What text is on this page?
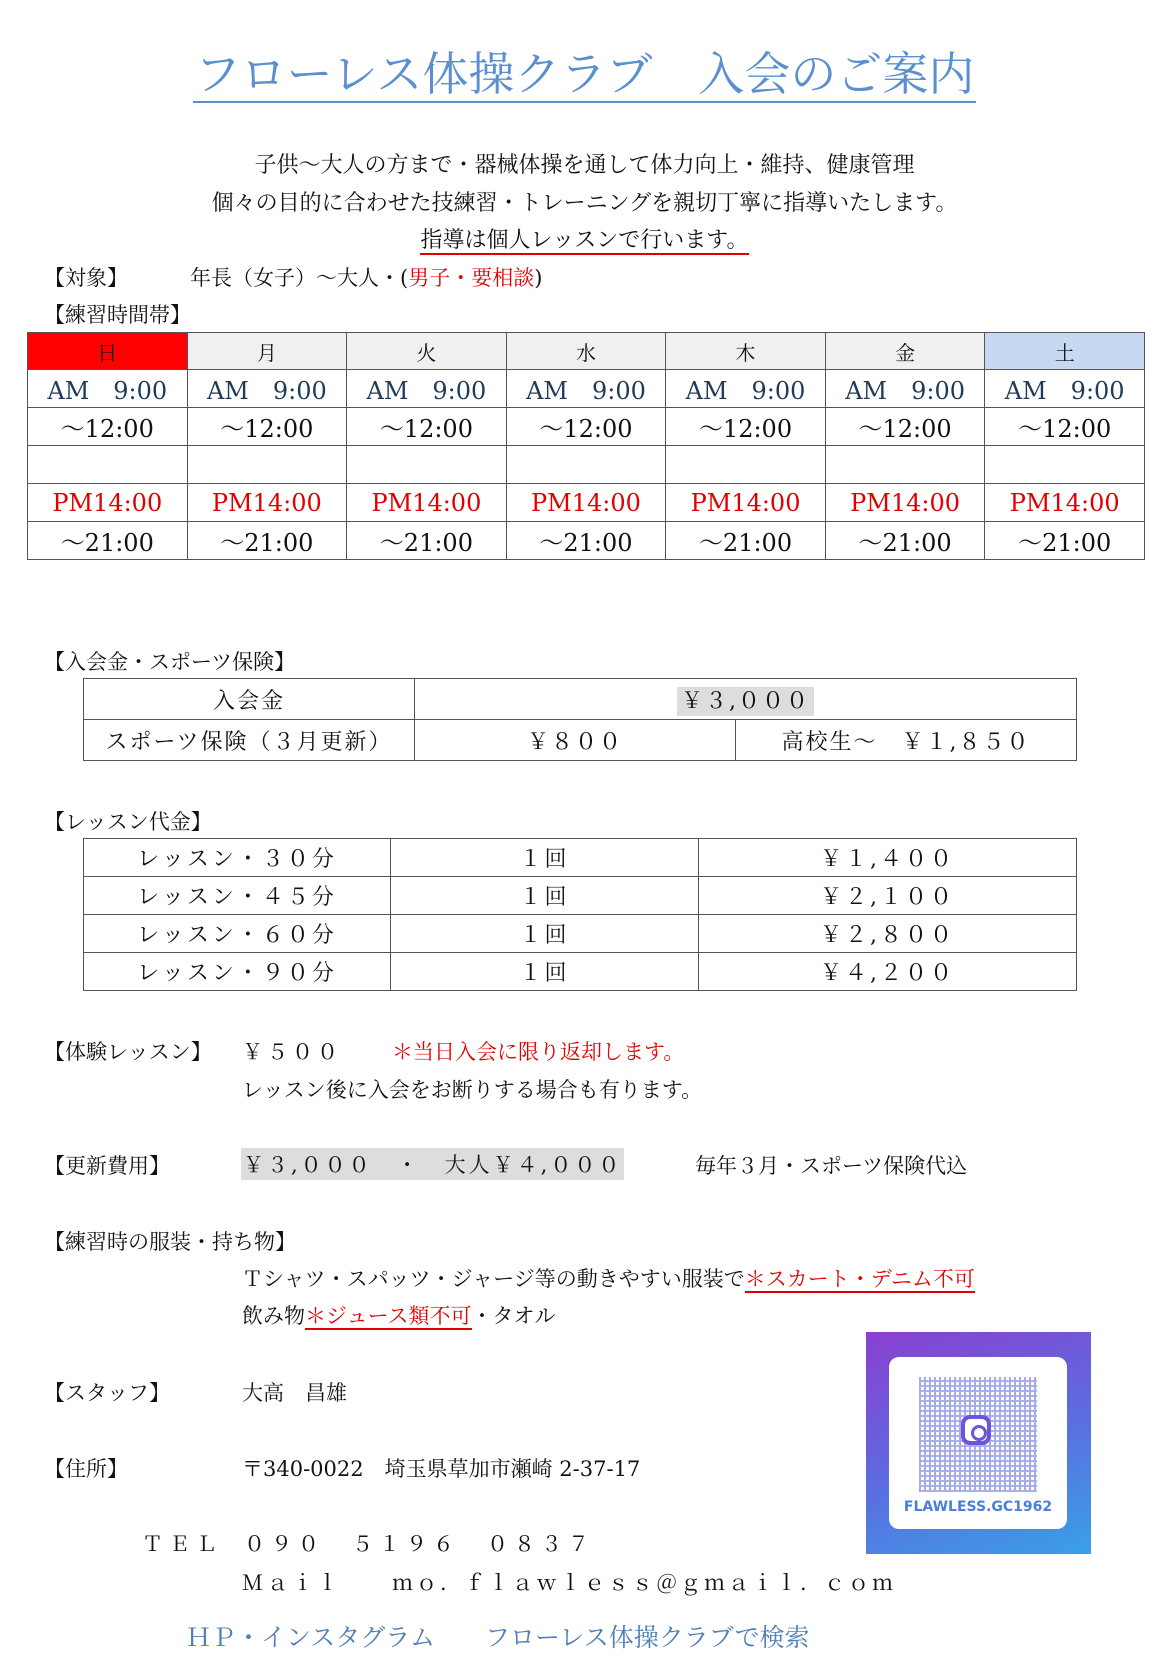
フローレス体操クラブ　入会のご案内
子供～大人の方まで・器械体操を通して体力向上・維持、健康管理
個々の目的に合わせた技練習・トレーニングを親切丁寧に指導いたします。
指導は個人レッスンで行います。
【対象】	年長（女子）～大人・(男子・要相談)
【練習時間帯】
日	月	火	水	木	金	土
AM　9:00	AM　9:00	AM　9:00	AM　9:00	AM　9:00	AM　9:00	AM　9:00
～12:00	～12:00	～12:00	～12:00	～12:00	～12:00	～12:00

PM14:00	PM14:00	PM14:00	PM14:00	PM14:00	PM14:00	PM14:00
～21:00	～21:00	～21:00	～21:00	～21:00	～21:00	～21:00
【入会金・スポーツ保険】
入会金	￥３,０００	
スポーツ保険（３月更新）	￥８００	高校生～　￥１,８５０
【レッスン代金】
レッスン・３０分	１回	￥１,４００
レッスン・４５分	１回	￥２,１００
レッスン・６０分	１回	￥２,８００
レッスン・９０分	１回	￥４,２００
【体験レッスン】 ￥５００ ＊当日入会に限り返却します。
レッスン後に入会をお断りする場合も有ります。
【更新費用】	￥３,０００　・　大人￥４,０００	毎年３月・スポーツ保険代込
【練習時の服装・持ち物】
Ｔシャツ・スパッツ・ジャージ等の動きやすい服装で＊スカート・デニム不可
飲み物＊ジュース類不可・タオル
【スタッフ】	大高　昌雄
【住所】	〒340-0022　埼玉県草加市瀬崎 2-37-17
ＴＥＬ ０９０　５１９６　０８３７
Ｍａｉｌ ｍｏ．ｆｌａｗｌｅｓｓ＠ｇｍａｉｌ．ｃｏｍ
ＨＰ・インスタグラム　　フローレス体操クラブで検索
FLAWLESS.GC1962
